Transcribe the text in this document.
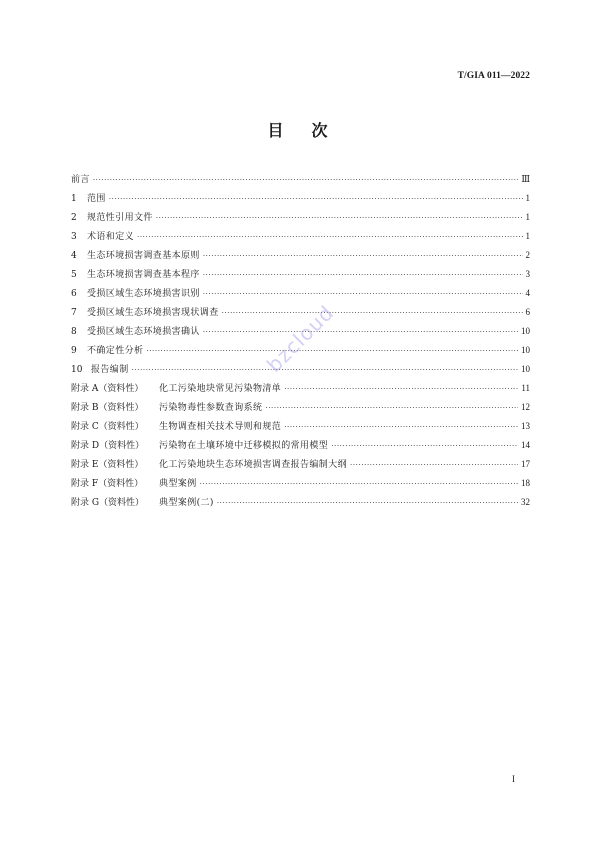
T/GIA 011—2022
目 次
前言 ·····	Ⅲ
1	范围 ·····	1
2	规范性引用文件 ·····	1
3	术语和定义 ·····	1
4	生态环境损害调查基本原则 ·····	2
5	生态环境损害调查基本程序 ·····	3
6	受损区域生态环境损害识别 ·····	4
7	受损区域生态环境损害现状调查 ·····	6
8	受损区域生态环境损害确认 ·····	10
9	不确定性分析 ·····	10
10 报告编制 ·····	10
附录 A（资料性）	化工污染地块常见污染物清单 ·····	11
附录 B（资料性）	污染物毒性参数查询系统 ·····	12
附录 C（资料性）	生物调查相关技术导则和规范 ·····	13
附录 D（资料性）	污染物在土壤环境中迁移模拟的常用模型 ·····	14
附录 E（资料性）	化工污染地块生态环境损害调查报告编制大纲 ·····	17
附录 F（资料性）	典型案例 ·····	18
附录 G（资料性）	典型案例(二) ·····	32
bzcloud
I
